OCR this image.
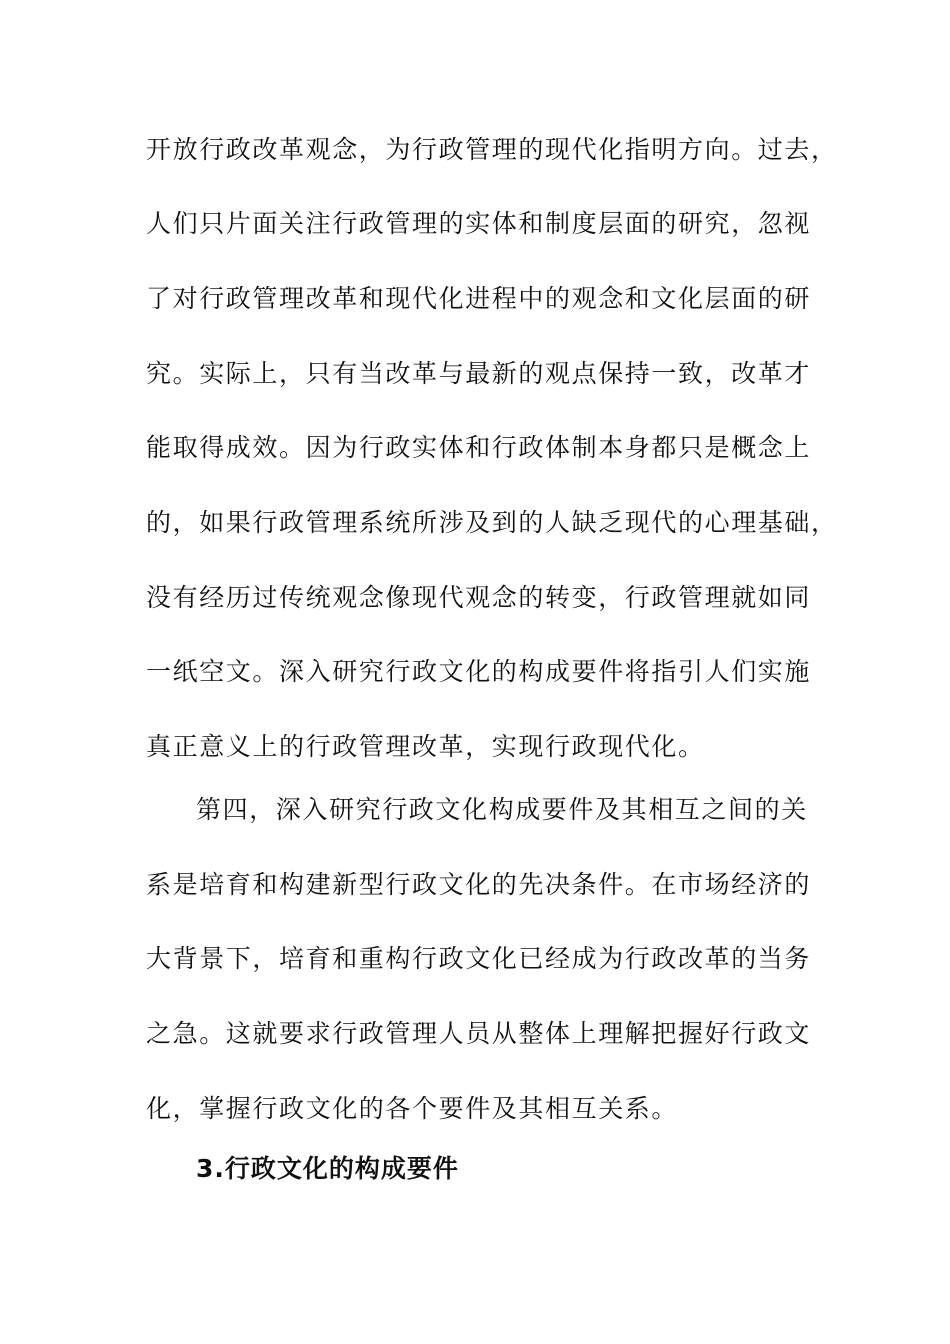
开放行政改革观念，为行政管理的现代化指明方向。过去，
人们只片面关注行政管理的实体和制度层面的研究，忽视
了对行政管理改革和现代化进程中的观念和文化层面的研
究。实际上，只有当改革与最新的观点保持一致，改革才
能取得成效。因为行政实体和行政体制本身都只是概念上
的，如果行政管理系统所涉及到的人缺乏现代的心理基础，
没有经历过传统观念像现代观念的转变，行政管理就如同
一纸空文。深入研究行政文化的构成要件将指引人们实施
真正意义上的行政管理改革，实现行政现代化。
第四，深入研究行政文化构成要件及其相互之间的关
系是培育和构建新型行政文化的先决条件。在市场经济的
大背景下，培育和重构行政文化已经成为行政改革的当务
之急。这就要求行政管理人员从整体上理解把握好行政文
化，掌握行政文化的各个要件及其相互关系。
3.行政文化的构成要件
